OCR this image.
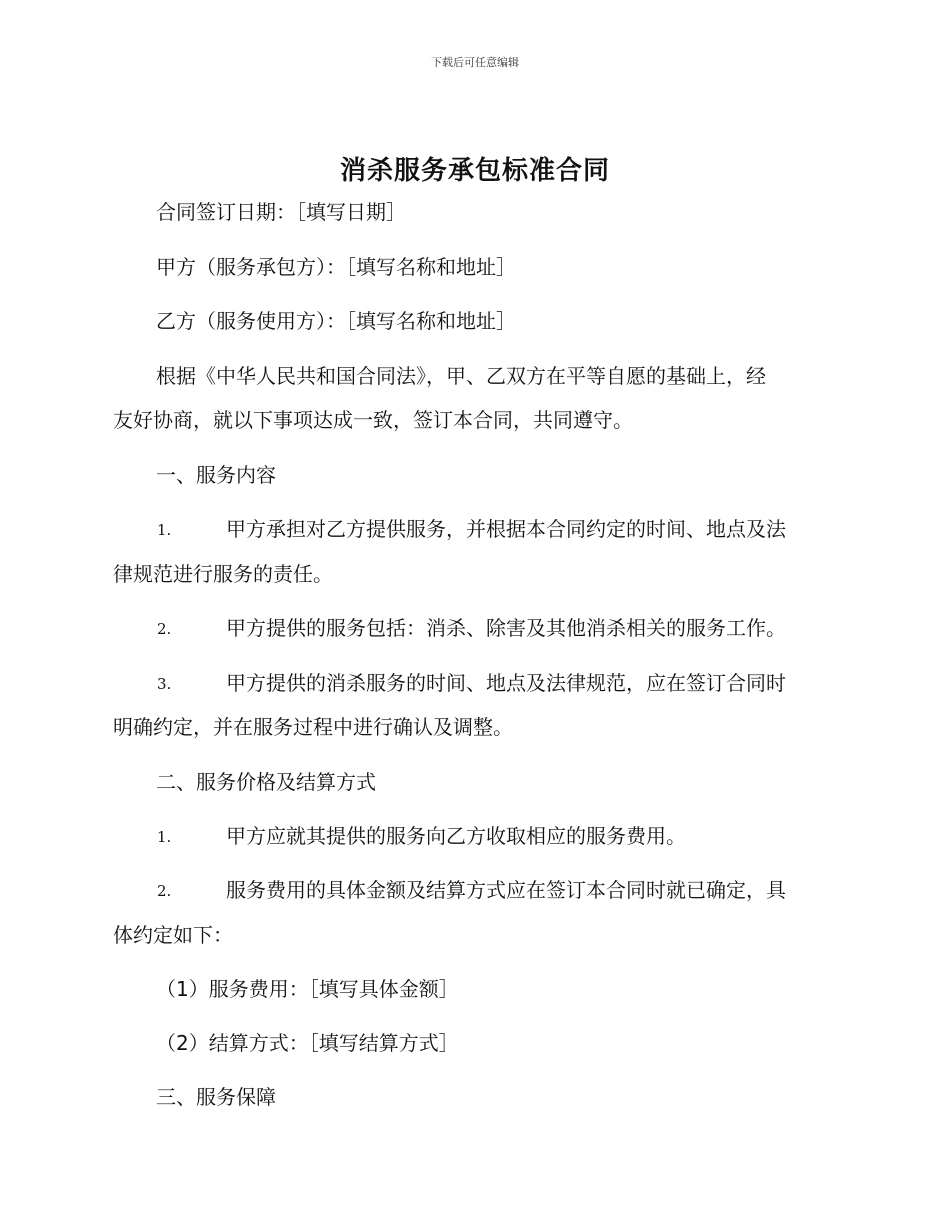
下载后可任意编辑
消杀服务承包标准合同
合同签订日期：［填写日期］
甲方（服务承包方）：［填写名称和地址］
乙方（服务使用方）：［填写名称和地址］
根据《中华人民共和国合同法》，甲、乙双方在平等自愿的基础上，经
友好协商，就以下事项达成一致，签订本合同，共同遵守。
一、服务内容
1.	甲方承担对乙方提供服务，并根据本合同约定的时间、地点及法
律规范进行服务的责任。
2.	甲方提供的服务包括：消杀、除害及其他消杀相关的服务工作。
3.	甲方提供的消杀服务的时间、地点及法律规范，应在签订合同时
明确约定，并在服务过程中进行确认及调整。
二、服务价格及结算方式
1.	甲方应就其提供的服务向乙方收取相应的服务费用。
2.	服务费用的具体金额及结算方式应在签订本合同时就已确定，具
体约定如下：
（1）服务费用：［填写具体金额］
（2）结算方式：［填写结算方式］
三、服务保障
